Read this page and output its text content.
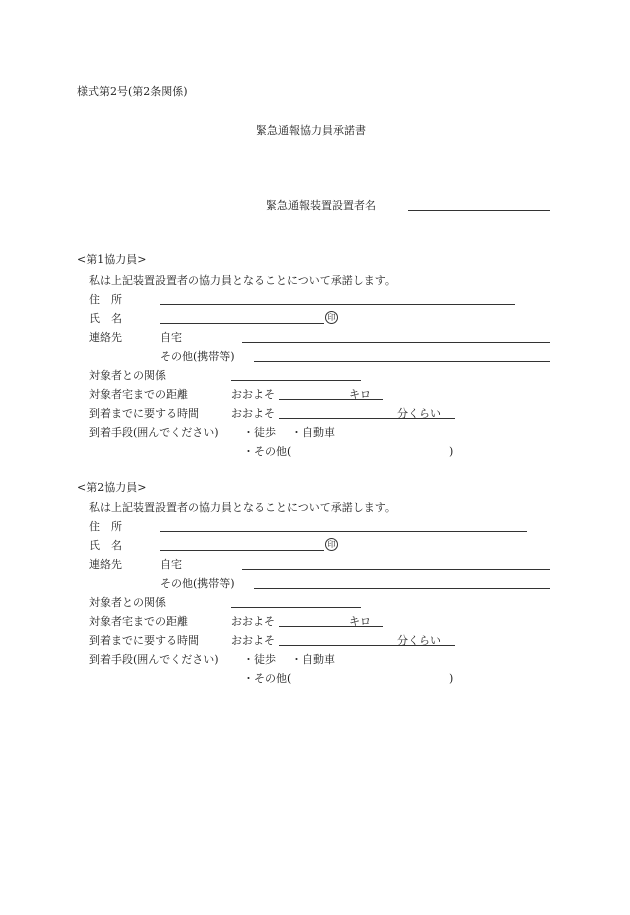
様式第2号(第2条関係)
緊急通報協力員承諾書
緊急通報装置設置者名
<第1協力員>
私は上記装置設置者の協力員となることについて承諾します。
住　所
氏　名	印
連絡先	自宅
その他(携帯等)
対象者との関係
対象者宅までの距離	おおよそ	キロ
到着までに要する時間	おおよそ	分くらい
到着手段(囲んでください) ・徒歩 ・自動車
・その他(	)
<第2協力員>
私は上記装置設置者の協力員となることについて承諾します。
住　所
氏　名	印
連絡先	自宅
その他(携帯等)
対象者との関係
対象者宅までの距離	おおよそ	キロ
到着までに要する時間	おおよそ	分くらい
到着手段(囲んでください) ・徒歩 ・自動車
・その他(	)
